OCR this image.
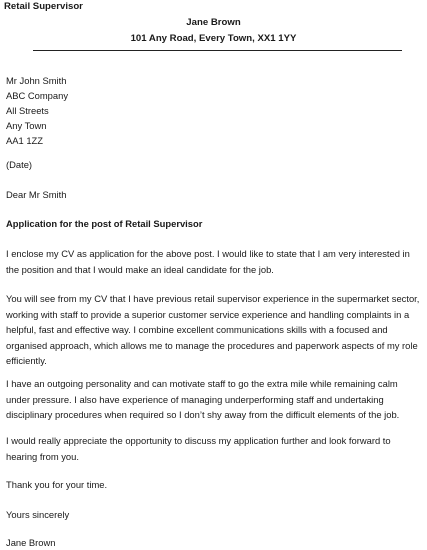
Retail Supervisor
Jane Brown
101 Any Road, Every Town, XX1 1YY
Mr John Smith
ABC Company
All Streets
Any Town
AA1 1ZZ
(Date)
Dear Mr Smith
Application for the post of Retail Supervisor
I enclose my CV as application for the above post. I would like to state that I am very interested in
the position and that I would make an ideal candidate for the job.
You will see from my CV that I have previous retail supervisor experience in the supermarket sector,
working with staff to provide a superior customer service experience and handling complaints in a
helpful, fast and effective way. I combine excellent communications skills with a focused and
organised approach, which allows me to manage the procedures and paperwork aspects of my role
efficiently.
I have an outgoing personality and can motivate staff to go the extra mile while remaining calm
under pressure. I also have experience of managing underperforming staff and undertaking
disciplinary procedures when required so I don’t shy away from the difficult elements of the job.
I would really appreciate the opportunity to discuss my application further and look forward to
hearing from you.
Thank you for your time.
Yours sincerely
Jane Brown
